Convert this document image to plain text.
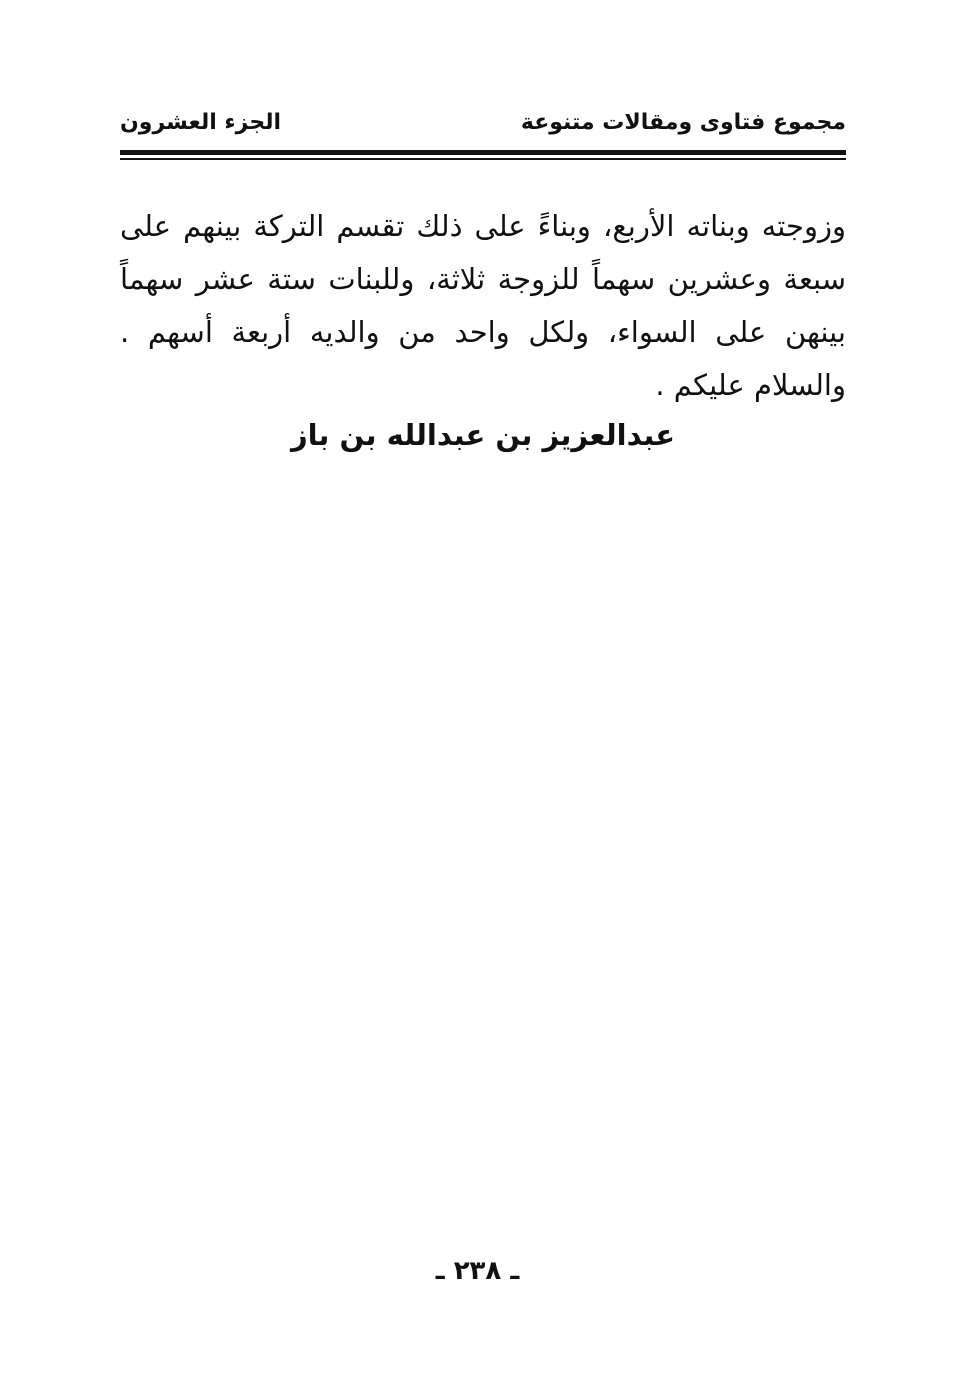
مجموع فتاوى ومقالات متنوعة
الجزء العشرون
وزوجته وبناته الأربع، وبناءً على ذلك تقسم التركة بينهم على
سبعة وعشرين سهماً للزوجة ثلاثة، وللبنات ستة عشر سهماً
بينهن على السواء، ولكل واحد من والديه أربعة أسهم .
والسلام عليكم .
عبدالعزيز بن عبدالله بن باز
ـ ٢٣٨ ـ
